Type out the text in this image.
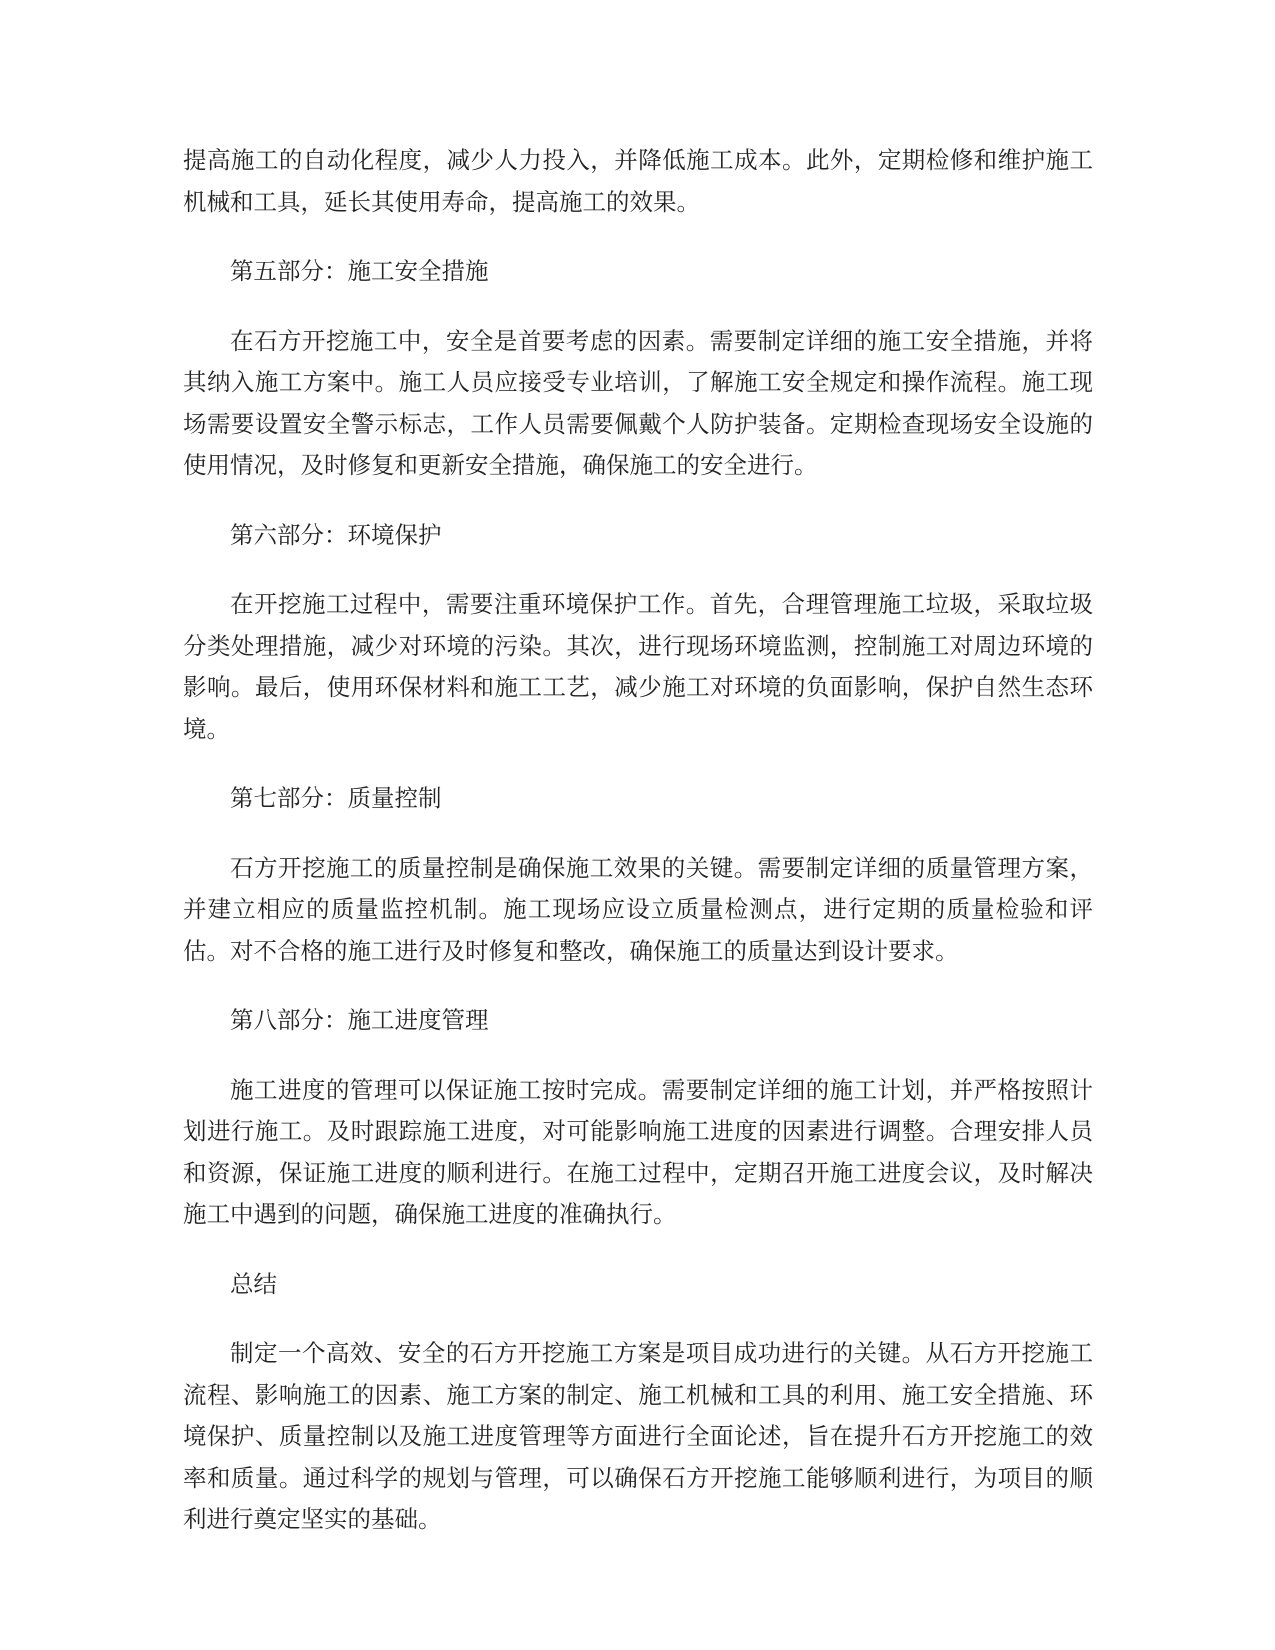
提高施工的自动化程度，减少人力投入，并降低施工成本。此外，定期检修和维护施工机械和工具，延长其使用寿命，提高施工的效果。

第五部分：施工安全措施

在石方开挖施工中，安全是首要考虑的因素。需要制定详细的施工安全措施，并将其纳入施工方案中。施工人员应接受专业培训，了解施工安全规定和操作流程。施工现场需要设置安全警示标志，工作人员需要佩戴个人防护装备。定期检查现场安全设施的使用情况，及时修复和更新安全措施，确保施工的安全进行。

第六部分：环境保护

在开挖施工过程中，需要注重环境保护工作。首先，合理管理施工垃圾，采取垃圾分类处理措施，减少对环境的污染。其次，进行现场环境监测，控制施工对周边环境的影响。最后，使用环保材料和施工工艺，减少施工对环境的负面影响，保护自然生态环境。

第七部分：质量控制

石方开挖施工的质量控制是确保施工效果的关键。需要制定详细的质量管理方案，并建立相应的质量监控机制。施工现场应设立质量检测点，进行定期的质量检验和评估。对不合格的施工进行及时修复和整改，确保施工的质量达到设计要求。

第八部分：施工进度管理

施工进度的管理可以保证施工按时完成。需要制定详细的施工计划，并严格按照计划进行施工。及时跟踪施工进度，对可能影响施工进度的因素进行调整。合理安排人员和资源，保证施工进度的顺利进行。在施工过程中，定期召开施工进度会议，及时解决施工中遇到的问题，确保施工进度的准确执行。

总结

制定一个高效、安全的石方开挖施工方案是项目成功进行的关键。从石方开挖施工流程、影响施工的因素、施工方案的制定、施工机械和工具的利用、施工安全措施、环境保护、质量控制以及施工进度管理等方面进行全面论述，旨在提升石方开挖施工的效率和质量。通过科学的规划与管理，可以确保石方开挖施工能够顺利进行，为项目的顺利进行奠定坚实的基础。
